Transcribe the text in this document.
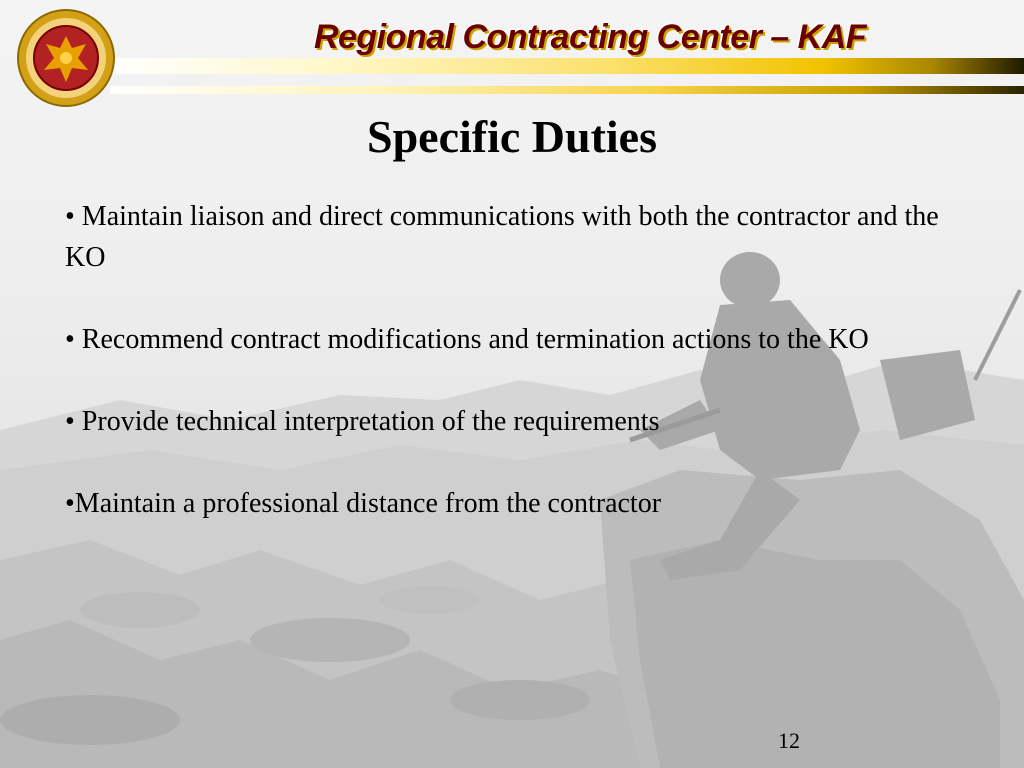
Regional Contracting Center – KAF
Specific Duties

• Maintain liaison and direct communications with both the contractor and the KO

• Recommend contract modifications and termination actions to the KO

• Provide technical interpretation of the requirements

•Maintain a professional distance from the contractor

12
